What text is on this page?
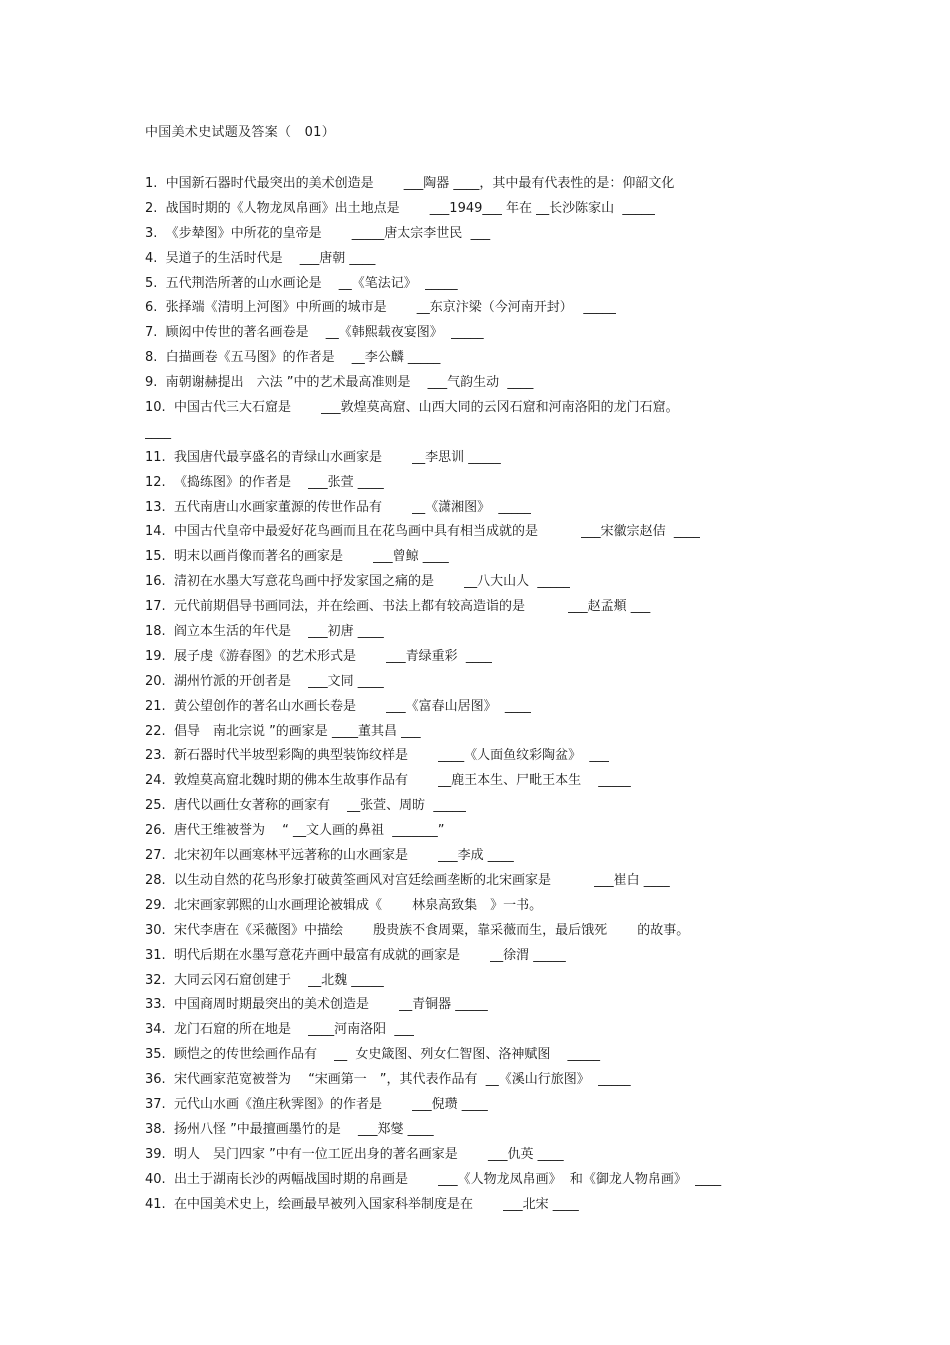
中国美术史试题及答案（　01）
1.  中国新石器时代最突出的美术创造是　　 ___陶器 ____，其中最有代表性的是：仰韶文化
2.  战国时期的《人物龙凤帛画》出土地点是　　 ___1949___ 年在 __长沙陈家山  _____
3.  《步辇图》中所花的皇帝是　　 _____唐太宗李世民  ___
4.  吴道子的生活时代是　 ___唐朝 ____
5.  五代荆浩所著的山水画论是　 __《笔法记》  _____
6.  张择端《清明上河图》中所画的城市是　　 __东京汴梁（今河南开封）　 _____
7.  顾闳中传世的著名画卷是　 __《韩熙载夜宴图》  _____
8.  白描画卷《五马图》的作者是　 __李公麟 _____
9.  南朝谢赫提出　六法 ”中的艺术最高准则是　 ___气韵生动  ____
10.  中国古代三大石窟是　　 ___敦煌莫高窟、山西大同的云冈石窟和河南洛阳的龙门石窟。
____
11.  我国唐代最享盛名的青绿山水画家是　　 __李思训 _____
12.  《捣练图》的作者是　 ___张萱 ____
13.  五代南唐山水画家董源的传世作品有　　 __《潇湘图》  _____
14.  中国古代皇帝中最爱好花鸟画而且在花鸟画中具有相当成就的是　　　 ___宋徽宗赵佶  ____
15.  明末以画肖像而著名的画家是　　 ___曾鲸 ____
16.  清初在水墨大写意花鸟画中抒发家国之痛的是　　 __八大山人  _____
17.  元代前期倡导书画同法，并在绘画、书法上都有较高造诣的是　　　 ___赵孟頫 ___
18.  阎立本生活的年代是　 ___初唐 ____
19.  展子虔《游春图》的艺术形式是　　 ___青绿重彩  ____
20.  湖州竹派的开创者是　 ___文同 ____
21.  黄公望创作的著名山水画长卷是　　 ___《富春山居图》  ____
22.  倡导　南北宗说 ”的画家是 ____董其昌 ___
23.  新石器时代半坡型彩陶的典型装饰纹样是　　 ____《人面鱼纹彩陶盆》  ___
24.  敦煌莫高窟北魏时期的佛本生故事作品有　　 __鹿王本生、尸毗王本生　 _____
25.  唐代以画仕女著称的画家有　 __张萱、周昉  _____
26.  唐代王维被誉为　 “ __文人画的鼻祖  _______”
27.  北宋初年以画寒林平远著称的山水画家是　　 ___李成 ____
28.  以生动自然的花鸟形象打破黄筌画风对宫廷绘画垄断的北宋画家是　　　 ___崔白 ____
29.  北宋画家郭熙的山水画理论被辑成《　　 林泉高致集　》一书。
30.  宋代李唐在《采薇图》中描绘　　 殷贵族不食周粟，靠采薇而生，最后饿死　　 的故事。
31.  明代后期在水墨写意花卉画中最富有成就的画家是　　 __徐渭 _____
32.  大同云冈石窟创建于　 __北魏 _____
33.  中国商周时期最突出的美术创造是　　 __青铜器 _____
34.  龙门石窟的所在地是　 ____河南洛阳  ___
35.  顾恺之的传世绘画作品有　 __  女史箴图、列女仁智图、洛神赋图　 _____
36.  宋代画家范宽被誉为　 “宋画第一　”，其代表作品有  __《溪山行旅图》  _____
37.  元代山水画《渔庄秋霁图》的作者是　　 ___倪瓒 ____
38.  扬州八怪 ”中最擅画墨竹的是　 ___郑燮 ____
39.  明人　吴门四家 ”中有一位工匠出身的著名画家是　　 ___仇英 ____
40.  出土于湖南长沙的两幅战国时期的帛画是　　 ___《人物龙凤帛画》  和《御龙人物帛画》  ____
41.  在中国美术史上，绘画最早被列入国家科举制度是在　　 ___北宋 ____
